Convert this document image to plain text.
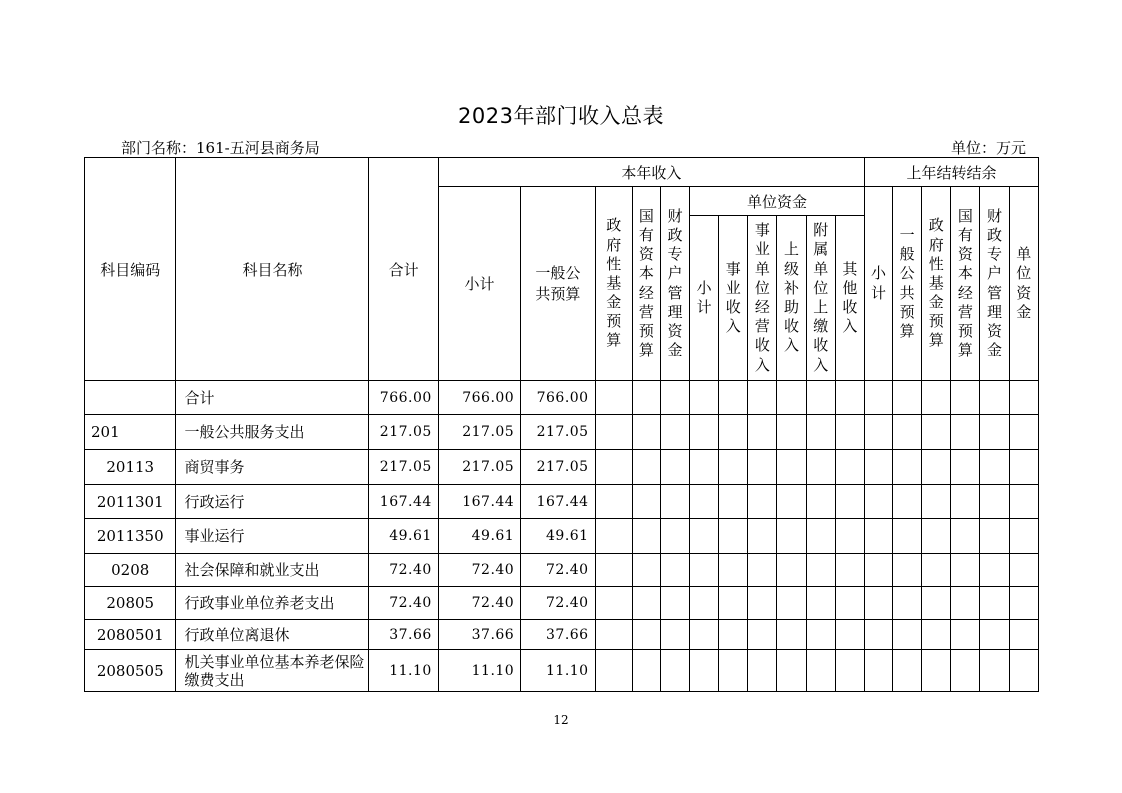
2023年部门收入总表
部门名称：161-五河县商务局	单位：万元
科目编码	科目名称	合计	本年收入											上年结转结余					
			小计	一般公共预算	政府性基金预算	国有资本经营预算	财政专户管理资金	单位资金						小计	一般公共预算	政府性基金预算	国有资本经营预算	财政专户管理资金	单位资金
								小计	事业收入	事业单位经营收入	上级补助收入	附属单位上缴收入	其他收入						
	合计	766.00	766.00	766.00															
201	一般公共服务支出	217.05	217.05	217.05															
20113	商贸事务	217.05	217.05	217.05															
2011301	行政运行	167.44	167.44	167.44															
2011350	事业运行	49.61	49.61	49.61															
0208	社会保障和就业支出	72.40	72.40	72.40															
20805	行政事业单位养老支出	72.40	72.40	72.40															
2080501	行政单位离退休	37.66	37.66	37.66															
2080505	机关事业单位基本养老保险缴费支出	11.10	11.10	11.10															
12
